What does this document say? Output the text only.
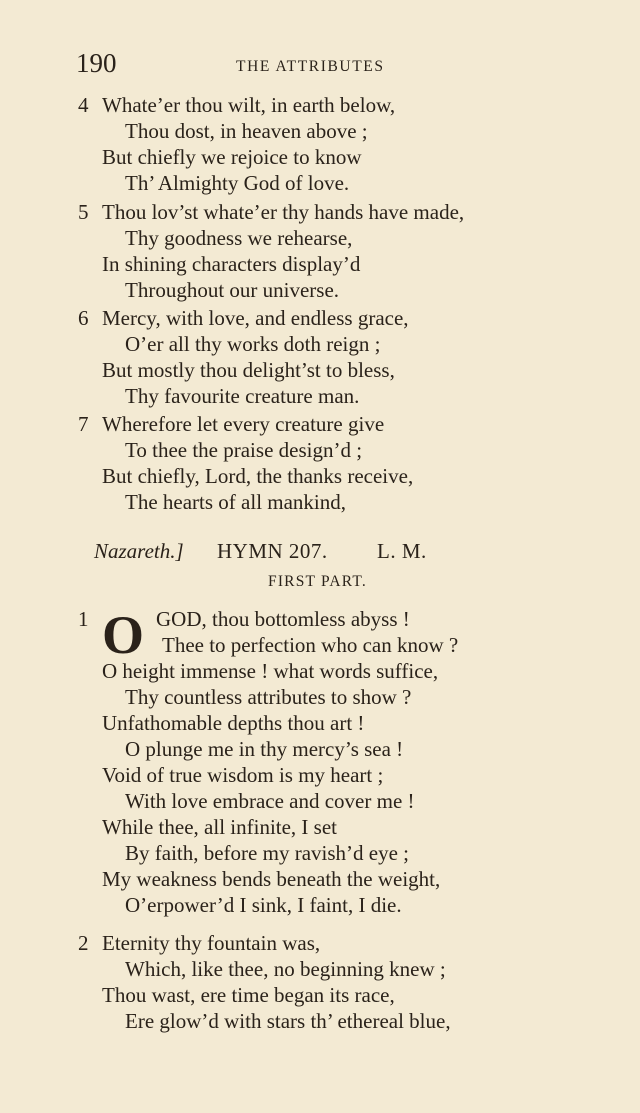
190	THE ATTRIBUTES
4 Whate’er thou wilt, in earth below,
Thou dost, in heaven above ;
But chiefly we rejoice to know
Th’ Almighty God of love.
5 Thou lov’st whate’er thy hands have made,
Thy goodness we rehearse,
In shining characters display’d
Throughout our universe.
6 Mercy, with love, and endless grace,
O’er all thy works doth reign ;
But mostly thou delight’st to bless,
Thy favourite creature man.
7 Wherefore let every creature give
To thee the praise design’d ;
But chiefly, Lord, the thanks receive,
The hearts of all mankind,
Nazareth.] HYMN 207. L. M.
FIRST PART.
O
1	GOD, thou bottomless abyss !
Thee to perfection who can know ?
O height immense ! what words suffice,
Thy countless attributes to show ?
Unfathomable depths thou art !
O plunge me in thy mercy’s sea !
Void of true wisdom is my heart ;
With love embrace and cover me !
While thee, all infinite, I set
By faith, before my ravish’d eye ;
My weakness bends beneath the weight,
O’erpower’d I sink, I faint, I die.
2 Eternity thy fountain was,
Which, like thee, no beginning knew ;
Thou wast, ere time began its race,
Ere glow’d with stars th’ ethereal blue,
